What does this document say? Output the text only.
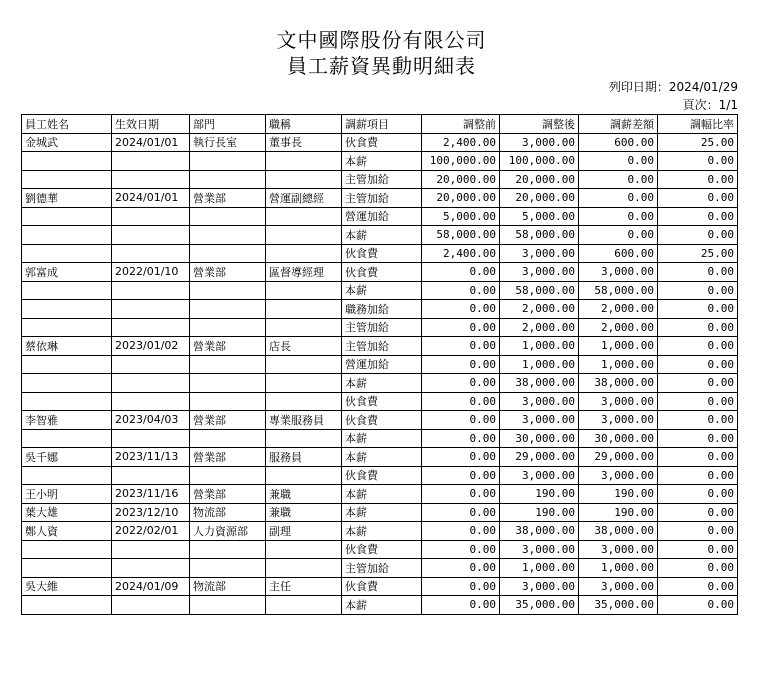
文中國際股份有限公司
員工薪資異動明細表
列印日期：2024/01/29
頁次：1/1
員工姓名	生效日期	部門	職稱	調薪項目	調整前	調整後	調薪差額	調幅比率
金城武	2024/01/01	執行長室	董事長	伙食費	2,400.00	3,000.00	600.00	25.00
				本薪	100,000.00	100,000.00	0.00	0.00
				主管加給	20,000.00	20,000.00	0.00	0.00
劉德華	2024/01/01	營業部	營運副總經	主管加給	20,000.00	20,000.00	0.00	0.00
				營運加給	5,000.00	5,000.00	0.00	0.00
				本薪	58,000.00	58,000.00	0.00	0.00
				伙食費	2,400.00	3,000.00	600.00	25.00
郭富成	2022/01/10	營業部	區督導經理	伙食費	0.00	3,000.00	3,000.00	0.00
				本薪	0.00	58,000.00	58,000.00	0.00
				職務加給	0.00	2,000.00	2,000.00	0.00
				主管加給	0.00	2,000.00	2,000.00	0.00
蔡依琳	2023/01/02	營業部	店長	主管加給	0.00	1,000.00	1,000.00	0.00
				營運加給	0.00	1,000.00	1,000.00	0.00
				本薪	0.00	38,000.00	38,000.00	0.00
				伙食費	0.00	3,000.00	3,000.00	0.00
李智雅	2023/04/03	營業部	專業服務員	伙食費	0.00	3,000.00	3,000.00	0.00
				本薪	0.00	30,000.00	30,000.00	0.00
吳千娜	2023/11/13	營業部	服務員	本薪	0.00	29,000.00	29,000.00	0.00
				伙食費	0.00	3,000.00	3,000.00	0.00
王小明	2023/11/16	營業部	兼職	本薪	0.00	190.00	190.00	0.00
葉大雄	2023/12/10	物流部	兼職	本薪	0.00	190.00	190.00	0.00
鄭人資	2022/02/01	人力資源部	副理	本薪	0.00	38,000.00	38,000.00	0.00
				伙食費	0.00	3,000.00	3,000.00	0.00
				主管加給	0.00	1,000.00	1,000.00	0.00
吳大維	2024/01/09	物流部	主任	伙食費	0.00	3,000.00	3,000.00	0.00
				本薪	0.00	35,000.00	35,000.00	0.00
